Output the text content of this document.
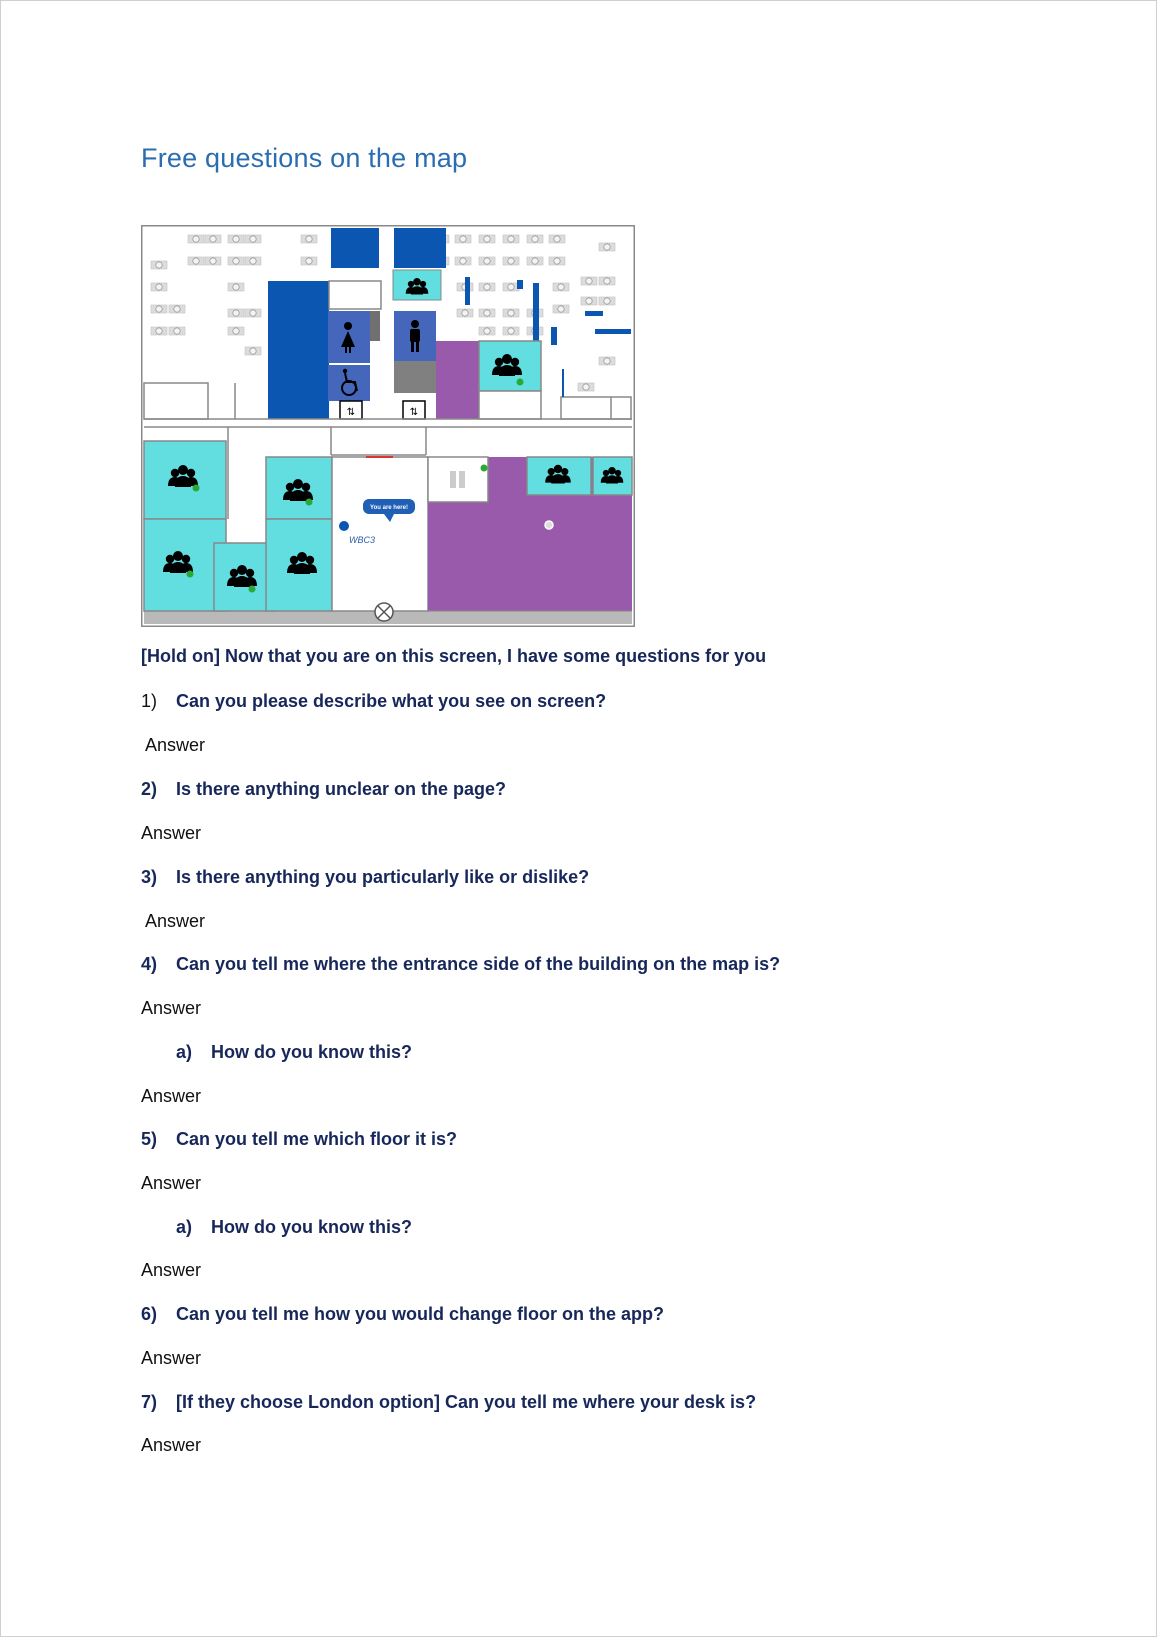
Free questions on the map
⇅	⇅
WBC3
You are here!
[Hold on] Now that you are on this screen, I have some questions for you
1) Can you please describe what you see on screen?
Answer
2) Is there anything unclear on the page?
Answer
3) Is there anything you particularly like or dislike?
Answer
4) Can you tell me where the entrance side of the building on the map is?
Answer
a) How do you know this?
Answer
5) Can you tell me which floor it is?
Answer
a) How do you know this?
Answer
6) Can you tell me how you would change floor on the app?
Answer
7) [If they choose London option] Can you tell me where your desk is?
Answer
